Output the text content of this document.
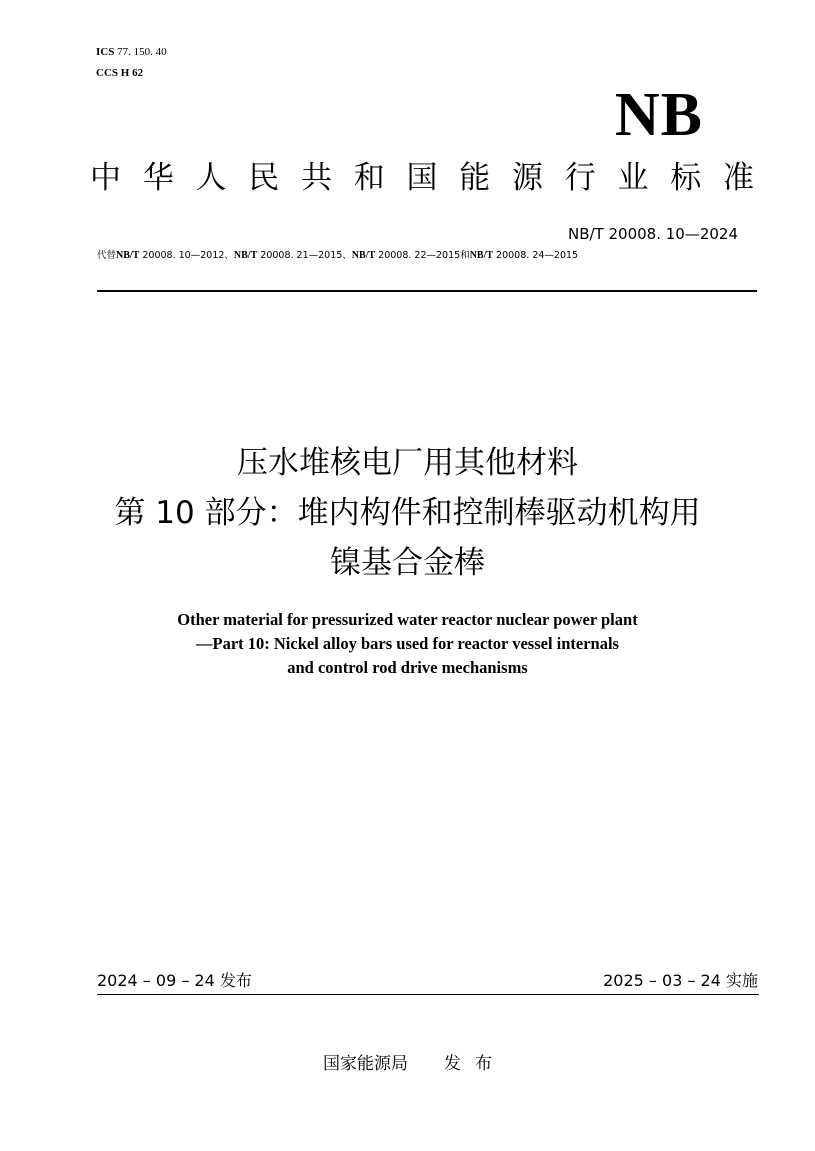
ICS 77. 150. 40
CCS H 62
NB
中 华 人 民 共 和 国 能 源 行 业 标 准
NB/T 20008. 10—2024
代替NB/T 20008. 10—2012、NB/T 20008. 21—2015、NB/T 20008. 22—2015和NB/T 20008. 24—2015
压水堆核电厂用其他材料
第 10 部分：堆内构件和控制棒驱动机构用
镍基合金棒
Other material for pressurized water reactor nuclear power plant
—Part 10: Nickel alloy bars used for reactor vessel internals
and control rod drive mechanisms
2024 – 09 – 24 发布	2025 – 03 – 24 实施
国家能源局 发 布
